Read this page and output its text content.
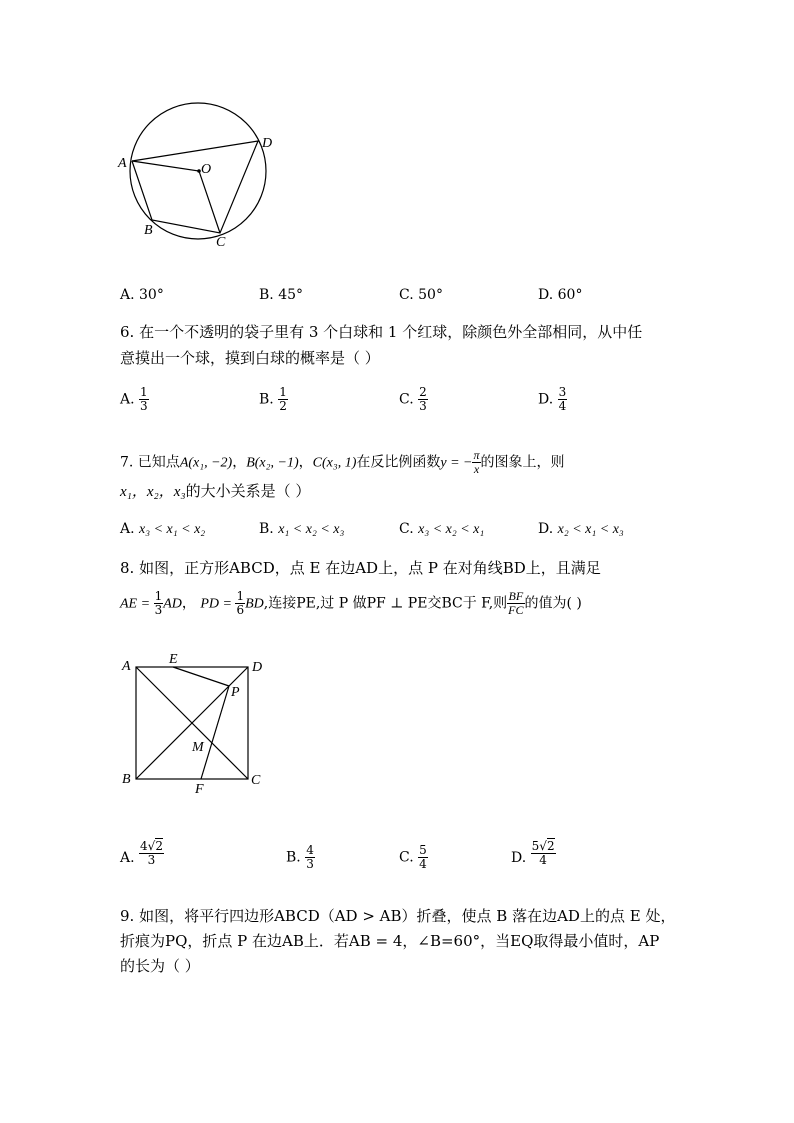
A
D
O
B
C
A. 30°	B. 45°	C. 50°	D. 60°
6. 在一个不透明的袋子里有 3 个白球和 1 个红球，除颜色外全部相同，从中任
意摸出一个球，摸到白球的概率是（ ）
A. $\frac{1}{3}$	B. $\frac{1}{2}$	C. $\frac{2}{3}$	D. $\frac{3}{4}$
7. 已知点A(x₁, −2)，B(x₂, −1)，C(x₃, 1)在反比例函数y = − $\frac{\pi}{x}$ 的图象上，则
x₁，x₂，x₃的大小关系是（ ）
A. x₃ < x₁ < x₂	B. x₁ < x₂ < x₃	C. x₃ < x₂ < x₁	D. x₂ < x₁ < x₃
8. 如图，正方形ABCD，点 E 在边AD上，点 P 在对角线BD上，且满足
AE = $\frac{1}{3}$ AD， PD = $\frac{1}{6}$ BD,连接PE,过 P 做PF ⊥ PE交BC于 F,则 $\frac{BF}{FC}$ 的值为( )
A	E
D
P
M
B
F
C
A. $\frac{4√2}{3}$	B. $\frac{4}{3}$	C. $\frac{5}{4}$	D. $\frac{5√2}{4}$
9. 如图，将平行四边形ABCD（AD > AB）折叠，使点 B 落在边AD上的点 E 处，
折痕为PQ，折点 P 在边AB上．若AB = 4，∠B=60°，当EQ取得最小值时，AP
的长为（ ）
